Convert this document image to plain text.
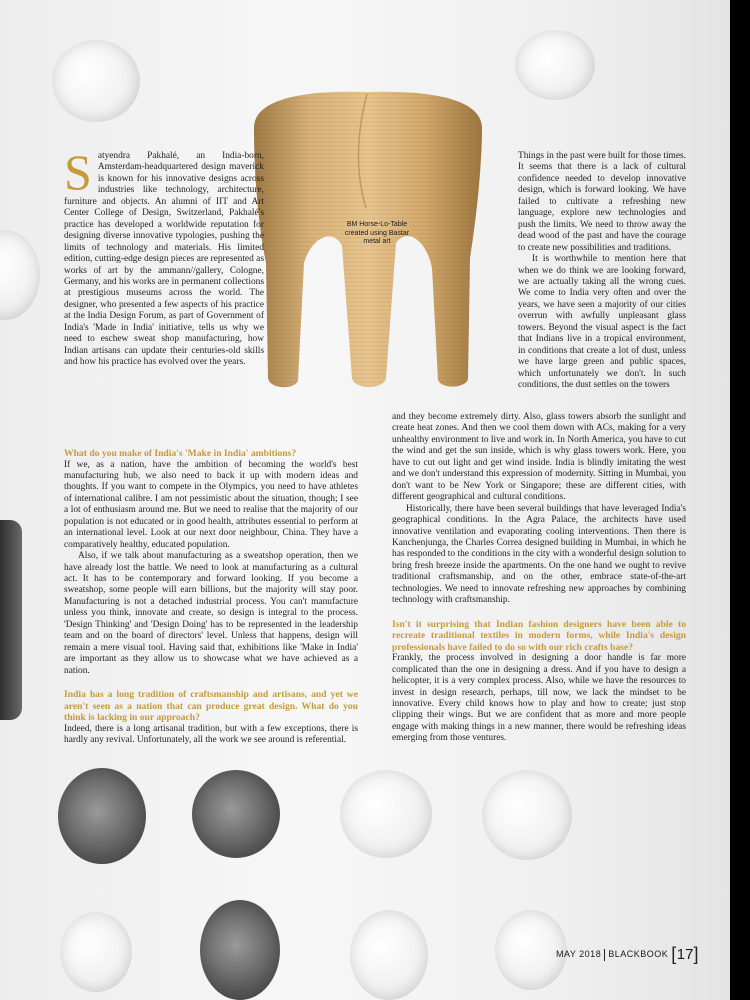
BM Horse-Lo-Table created using Bastar metal art
Satyendra Pakhalé, an India-born, Amsterdam-headquartered design maverick is known for his innovative designs across industries like technology, architecture, furniture and objects. An alumni of IIT and Art Center College of Design, Switzerland, Pakhalé's practice has developed a worldwide reputation for designing diverse innovative typologies, pushing the limits of technology and materials. His limited edition, cutting-edge design pieces are represented as works of art by the ammann//gallery, Cologne, Germany, and his works are in permanent collections at prestigious museums across the world. The designer, who presented a few aspects of his practice at the India Design Forum, as part of Government of India's 'Made in India' initiative, tells us why we need to eschew sweat shop manufacturing, how Indian artisans can update their centuries-old skills and how his practice has evolved over the years.

What do you make of India's 'Make in India' ambitions?

If we, as a nation, have the ambition of becoming the world's best manufacturing hub, we also need to back it up with modern ideas and thoughts. If you want to compete in the Olympics, you need to have athletes of international calibre. I am not pessimistic about the situation, though; I see a lot of enthusiasm around me. But we need to realise that the majority of our population is not educated or in good health, attributes essential to perform at an international level. Look at our next door neighbour, China. They have a comparatively healthy, educated population.

Also, if we talk about manufacturing as a sweatshop operation, then we have already lost the battle. We need to look at manufacturing as a cultural act. It has to be contemporary and forward looking. If you become a sweatshop, some people will earn billions, but the majority will stay poor. Manufacturing is not a detached industrial process. You can't manufacture unless you think, innovate and create, so design is integral to the process. 'Design Thinking' and 'Design Doing' has to be represented in the leadership team and on the board of directors' level. Unless that happens, design will remain a mere visual tool. Having said that, exhibitions like 'Make in India' are important as they allow us to showcase what we have achieved as a nation.

India has a long tradition of craftsmanship and artisans, and yet we aren't seen as a nation that can produce great design. What do you think is lacking in our approach?

Indeed, there is a long artisanal tradition, but with a few exceptions, there is hardly any revival. Unfortunately, all the work we see around is referential.

Things in the past were built for those times. It seems that there is a lack of cultural confidence needed to develop innovative design, which is forward looking. We have failed to cultivate a refreshing new language, explore new technologies and push the limits. We need to throw away the dead wood of the past and have the courage to create new possibilities and traditions.

It is worthwhile to mention here that when we do think we are looking forward, we are actually taking all the wrong cues. We come to India very often and over the years, we have seen a majority of our cities overrun with awfully unpleasant glass towers. Beyond the visual aspect is the fact that Indians live in a tropical environment, in conditions that create a lot of dust, unless we have large green and public spaces, which unfortunately we don't. In such conditions, the dust settles on the towers

and they become extremely dirty. Also, glass towers absorb the sunlight and create heat zones. And then we cool them down with ACs, making for a very unhealthy environment to live and work in. In North America, you have to cut the wind and get the sun inside, which is why glass towers work. Here, you have to cut out light and get wind inside. India is blindly imitating the west and we don't understand this expression of modernity. Sitting in Mumbai, you don't want to be New York or Singapore; these are different cities, with different geographical and cultural conditions.

Historically, there have been several buildings that have leveraged India's geographical conditions. In the Agra Palace, the architects have used innovative ventilation and evaporating cooling interventions. Then there is Kanchenjunga, the Charles Correa designed building in Mumbai, in which he has responded to the conditions in the city with a wonderful design solution to bring fresh breeze inside the apartments. On the one hand we ought to revive traditional craftsmanship, and on the other, embrace state-of-the-art technologies. We need to innovate refreshing new approaches by combining technology with craftsmanship.

Isn't it surprising that Indian fashion designers have been able to recreate traditional textiles in modern forms, while India's design professionals have failed to do so with our rich crafts base?

Frankly, the process involved in designing a door handle is far more complicated than the one in designing a dress. And if you have to design a helicopter, it is a very complex process. Also, while we have the resources to invest in design research, perhaps, till now, we lack the mindset to be innovative. Every child knows how to play and how to create; just stop clipping their wings. But we are confident that as more and more people engage with making things in a new manner, there would be refreshing ideas emerging from those ventures.

MAY 2018 BLACKBOOK [17]
